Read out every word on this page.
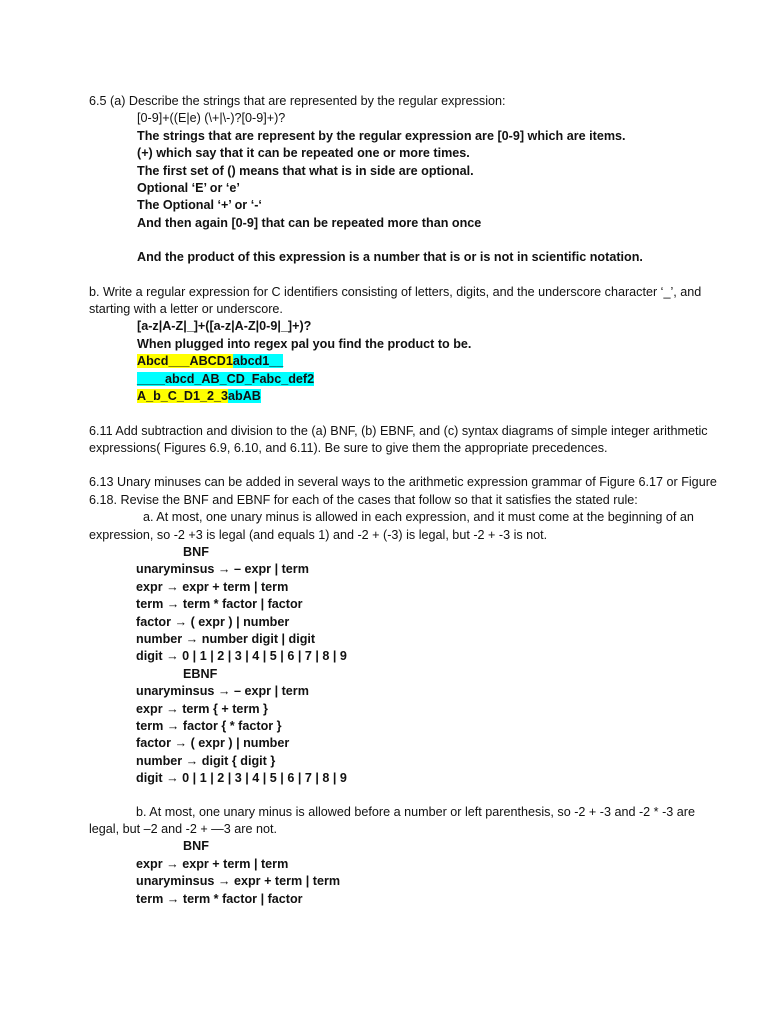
6.5 (a) Describe the strings that are represented by the regular expression:

[0-9]+((E|e) (\+|\-)?[0-9]+)?

The strings that are represent by the regular expression are [0-9] which are items.

(+) which say that it can be repeated one or more times.

The first set of () means that what is in side are optional.

Optional ‘E’ or ‘e’

The Optional ‘+’ or ‘-‘

And then again [0-9] that can be repeated more than once

And the product of this expression is a number that is or is not in scientific notation.

b. Write a regular expression for C identifiers consisting of letters, digits, and the underscore character ‘_’, and starting with a letter or underscore.

[a-z|A-Z|_]+([a-z|A-Z|0-9|_]+)?

When plugged into regex pal you find the product to be.

Abcd___ABCD1abcd1__

____abcd_AB_CD_Fabc_def2

A_b_C_D1_2_3abAB

6.11 Add subtraction and division to the (a) BNF, (b) EBNF, and (c) syntax diagrams of simple integer arithmetic expressions( Figures 6.9, 6.10, and 6.11). Be sure to give them the appropriate precedences.

6.13 Unary minuses can be added in several ways to the arithmetic expression grammar of Figure 6.17 or Figure 6.18. Revise the BNF and EBNF for each of the cases that follow so that it satisfies the stated rule:

a. At most, one unary minus is allowed in each expression, and it must come at the beginning of an expression, so -2 +3 is legal (and equals 1) and -2 + (-3) is legal, but -2 + -3 is not.

BNF

unaryminsus → – expr | term

expr → expr + term | term

term → term * factor | factor

factor → ( expr ) | number

number → number digit | digit

digit → 0 | 1 | 2 | 3 | 4 | 5 | 6 | 7 | 8 | 9

EBNF

unaryminsus → – expr | term

expr → term { + term }

term → factor { * factor }

factor → ( expr ) | number

number → digit { digit }

digit → 0 | 1 | 2 | 3 | 4 | 5 | 6 | 7 | 8 | 9

b. At most, one unary minus is allowed before a number or left parenthesis, so -2 + -3 and -2 * -3 are legal, but –2 and -2 + —3 are not.

BNF

expr → expr + term | term

unaryminsus → expr + term | term

term → term * factor | factor
